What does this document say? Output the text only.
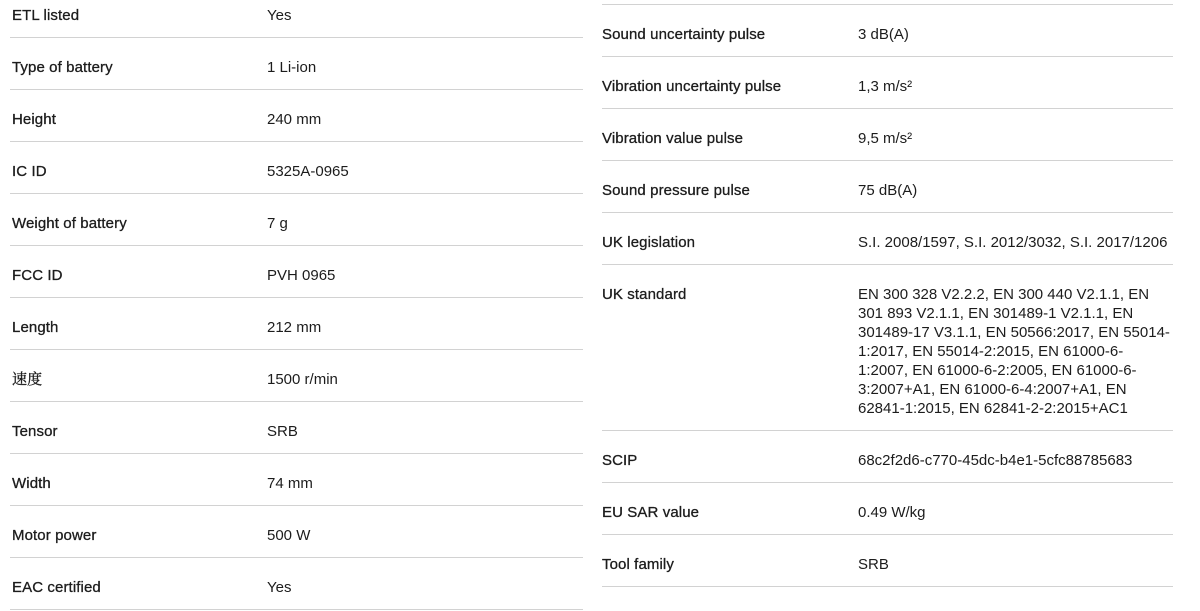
ETL listed	Yes
Type of battery	1 Li-ion
Height	240 mm
IC ID	5325A-0965
Weight of battery	7 g
FCC ID	PVH 0965
Length	212 mm
速度	1500 r/min
Tensor	SRB
Width	74 mm
Motor power	500 W
EAC certified	Yes
Sound uncertainty pulse	3 dB(A)
Vibration uncertainty pulse	1,3 m/s²
Vibration value pulse	9,5 m/s²
Sound pressure pulse	75 dB(A)
UK legislation	S.I. 2008/1597, S.I. 2012/3032, S.I. 2017/1206
UK standard	EN 300 328 V2.2.2, EN 300 440 V2.1.1, EN 301 893 V2.1.1, EN 301489-1 V2.1.1, EN 301489-17 V3.1.1, EN 50566:2017, EN 55014-1:2017, EN 55014-2:2015, EN 61000-6-1:2007, EN 61000-6-2:2005, EN 61000-6-3:2007+A1, EN 61000-6-4:2007+A1, EN 62841-1:2015, EN 62841-2-2:2015+AC1
SCIP	68c2f2d6-c770-45dc-b4e1-5cfc88785683
EU SAR value	0.49 W/kg
Tool family	SRB
